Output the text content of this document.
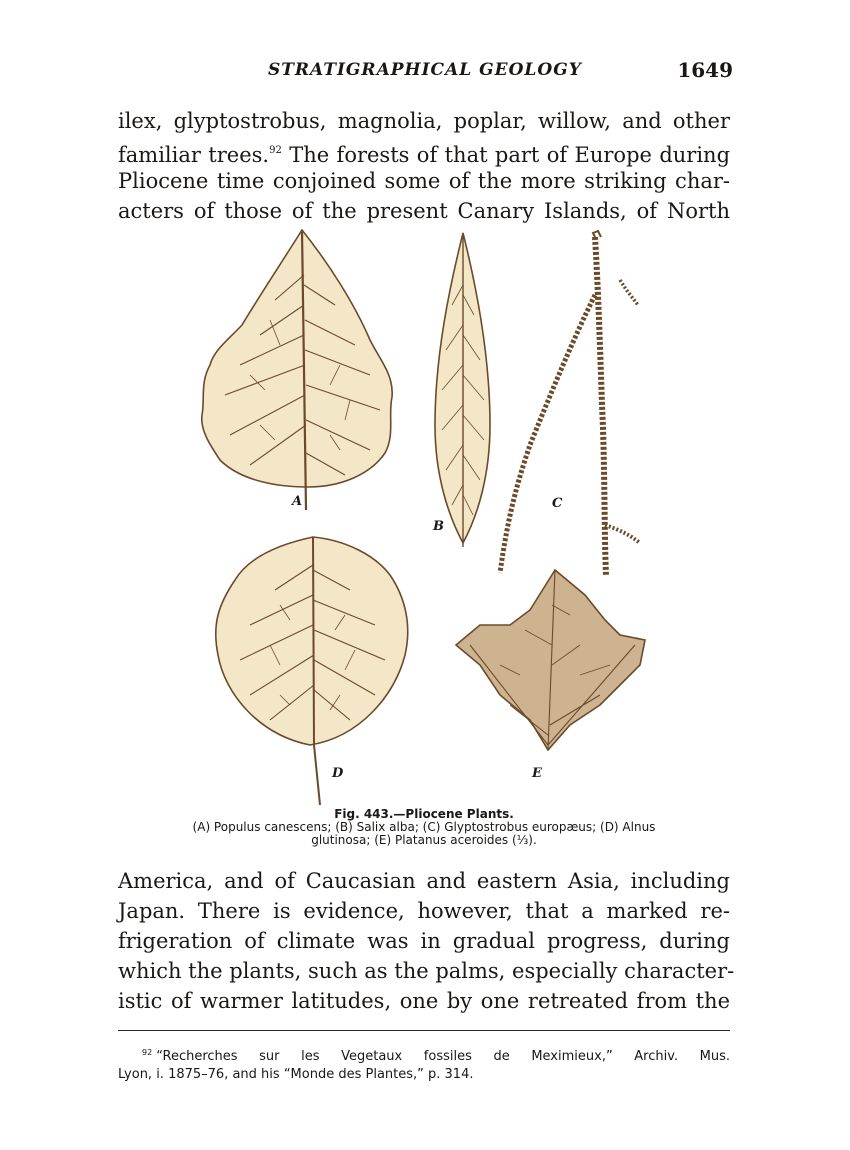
STRATIGRAPHICAL GEOLOGY	1649
ilex, glyptostrobus, magnolia, poplar, willow, and other
familiar trees.$^{92}$ The forests of that part of Europe during
Pliocene time conjoined some of the more striking char-
acters of those of the present Canary Islands, of North
A
B
C
D	E
Fig. 443.—Pliocene Plants.
(A) Populus canescens; (B) Salix alba; (C) Glyptostrobus europæus; (D) Alnus
glutinosa; (E) Platanus aceroides (⅓).
America, and of Caucasian and eastern Asia, including
Japan. There is evidence, however, that a marked re-
frigeration of climate was in gradual progress, during
which the plants, such as the palms, especially character-
istic of warmer latitudes, one by one retreated from the
$^{92}$ “Recherches sur les Vegetaux fossiles de Meximieux,” Archiv. Mus.
Lyon, i. 1875–76, and his “Monde des Plantes,” p. 314.
